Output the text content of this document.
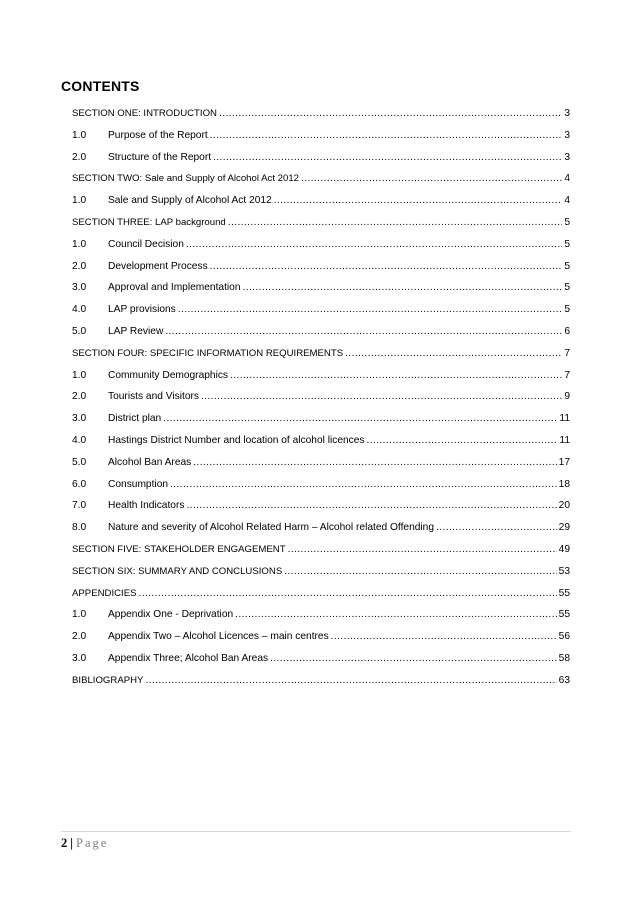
CONTENTS
SECTION ONE: INTRODUCTION .....	3
1.0	Purpose of the Report .....	3
2.0	Structure of the Report .....	3
SECTION TWO: Sale and Supply of Alcohol Act 2012 .....	4
1.0	Sale and Supply of Alcohol Act 2012 .....	4
SECTION THREE: LAP background .....	5
1.0	Council Decision .....	5
2.0	Development Process .....	5
3.0	Approval and Implementation .....	5
4.0	LAP provisions .....	5
5.0	LAP Review .....	6
SECTION FOUR: SPECIFIC INFORMATION REQUIREMENTS .....	7
1.0	Community Demographics .....	7
2.0	Tourists and Visitors .....	9
3.0	District plan .....	11
4.0	Hastings District Number and location of alcohol licences .....	11
5.0	Alcohol Ban Areas .....	17
6.0	Consumption .....	18
7.0	Health Indicators .....	20
8.0	Nature and severity of Alcohol Related Harm – Alcohol related Offending .....	29
SECTION FIVE: STAKEHOLDER ENGAGEMENT .....	49
SECTION SIX: SUMMARY AND CONCLUSIONS .....	53
APPENDICIES .....	55
1.0	Appendix One - Deprivation .....	55
2.0	Appendix Two – Alcohol Licences – main centres .....	56
3.0	Appendix Three; Alcohol Ban Areas .....	58
BIBLIOGRAPHY .....	63
2 | Page
